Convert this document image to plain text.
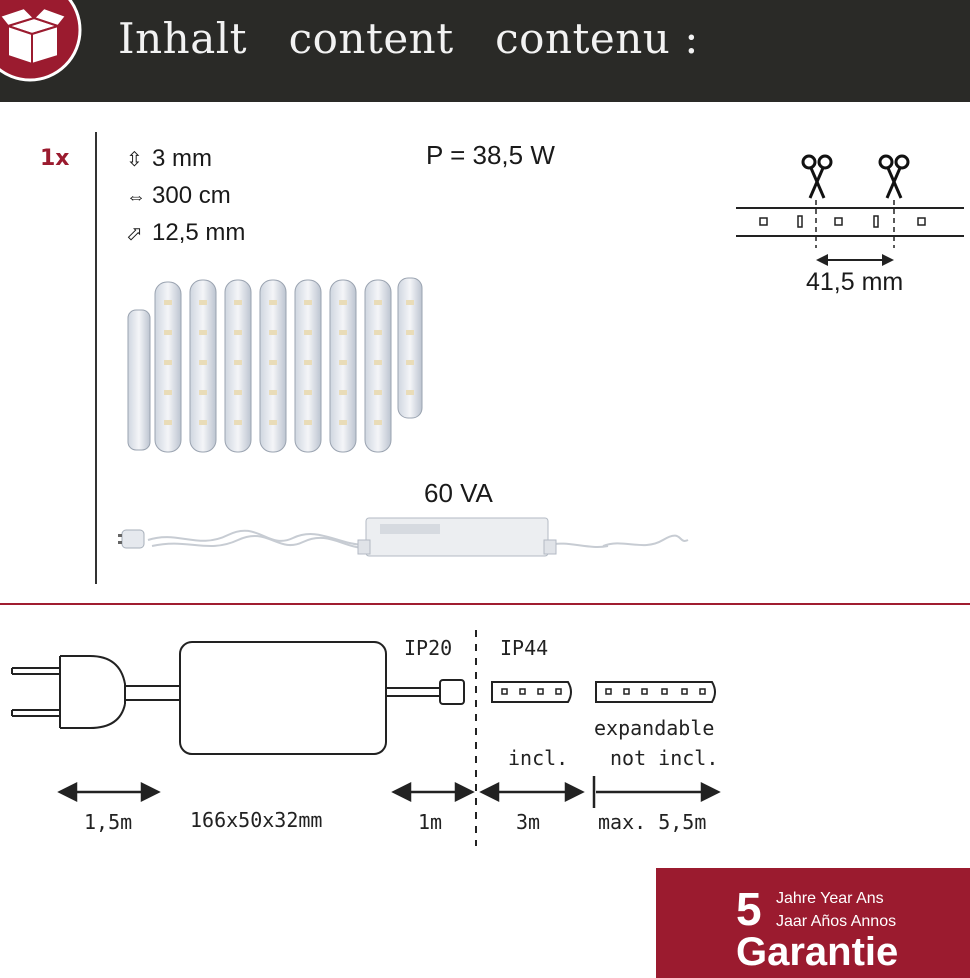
Inhalt   content   contenu :
1x	⇳ 3 mm
⇔ 300 cm
⬀ 12,5 mm
P = 38,5 W
60 VA
41,5 mm
IP20 IP44
expandable
incl. not incl.
1,5m	166x50x32mm	1m	3m	max. 5,5m
5 Jahre Year Ans
Jaar Años Annos
Garantie
